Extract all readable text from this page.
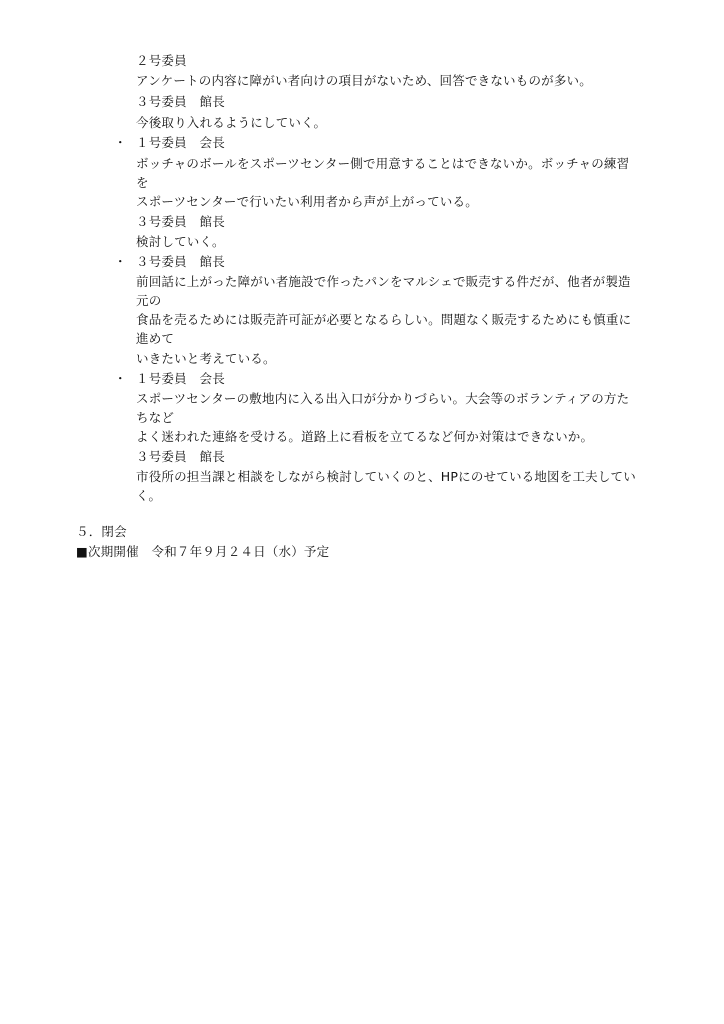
２号委員
アンケートの内容に障がい者向けの項目がないため、回答できないものが多い。
３号委員　館長
今後取り入れるようにしていく。
・ １号委員　会長
ボッチャのボールをスポーツセンター側で用意することはできないか。ボッチャの練習
を
スポーツセンターで行いたい利用者から声が上がっている。
３号委員　館長
検討していく。
・ ３号委員　館長
前回話に上がった障がい者施設で作ったパンをマルシェで販売する件だが、他者が製造
元の
食品を売るためには販売許可証が必要となるらしい。問題なく販売するためにも慎重に
進めて
いきたいと考えている。
・ １号委員　会長
スポーツセンターの敷地内に入る出入口が分かりづらい。大会等のボランティアの方た
ちなど
よく迷われた連絡を受ける。道路上に看板を立てるなど何か対策はできないか。
３号委員　館長
市役所の担当課と相談をしながら検討していくのと、HPにのせている地図を工夫してい
く。
５．閉会
■次期開催　令和７年９月２４日（水）予定
